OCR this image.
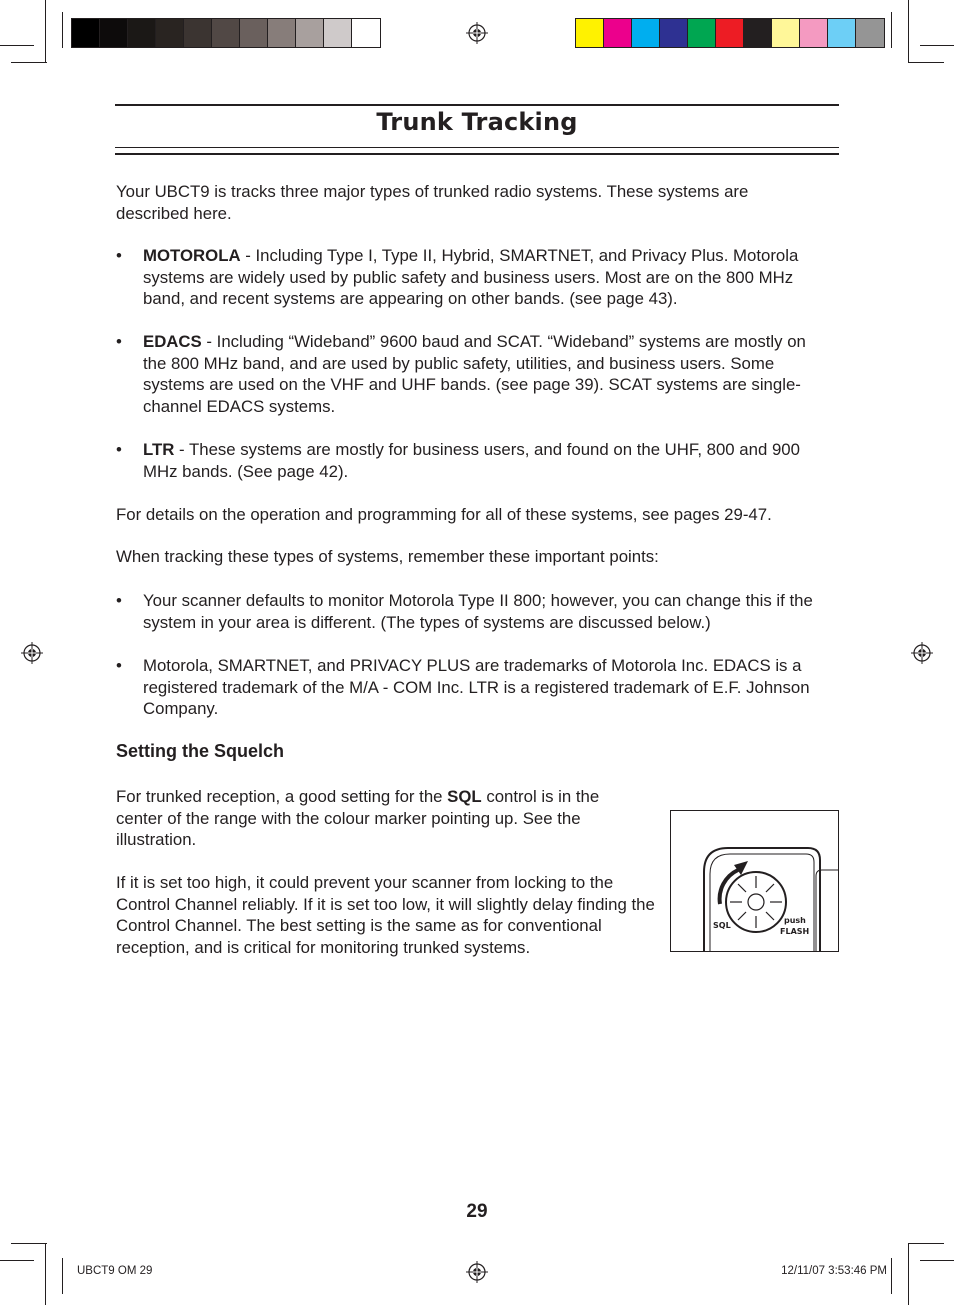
Trunk Tracking
Your UBCT9 is tracks three major types of trunked radio systems. These systems are described here.
• MOTOROLA - Including Type I, Type II, Hybrid, SMARTNET, and Privacy Plus. Motorola systems are widely used by public safety and business users. Most are on the 800 MHz band, and recent systems are appearing on other bands. (see page 43).
• EDACS - Including “Wideband” 9600 baud and SCAT. “Wideband” systems are mostly on the 800 MHz band, and are used by public safety, utilities, and business users. Some systems are used on the VHF and UHF bands. (see page 39). SCAT systems are single-channel EDACS systems.
• LTR - These systems are mostly for business users, and found on the UHF, 800 and 900 MHz bands. (See page 42).
For details on the operation and programming for all of these systems, see pages 29-47.
When tracking these types of systems, remember these important points:
• Your scanner defaults to monitor Motorola Type II 800; however, you can change this if the system in your area is different. (The types of systems are discussed below.)
• Motorola, SMARTNET, and PRIVACY PLUS are trademarks of Motorola Inc. EDACS is a registered trademark of the M/A - COM Inc. LTR is a registered trademark of E.F. Johnson Company.
Setting the Squelch
For trunked reception, a good setting for the SQL control is in the center of the range with the colour marker pointing up. See the illustration.
If it is set too high, it could prevent your scanner from locking to the Control Channel reliably. If it is set too low, it will slightly delay finding the Control Channel. The best setting is the same as for conventional reception, and is critical for monitoring trunked systems.
SQL
push
FLASH
29
UBCT9 OM 29	12/11/07 3:53:46 PM
